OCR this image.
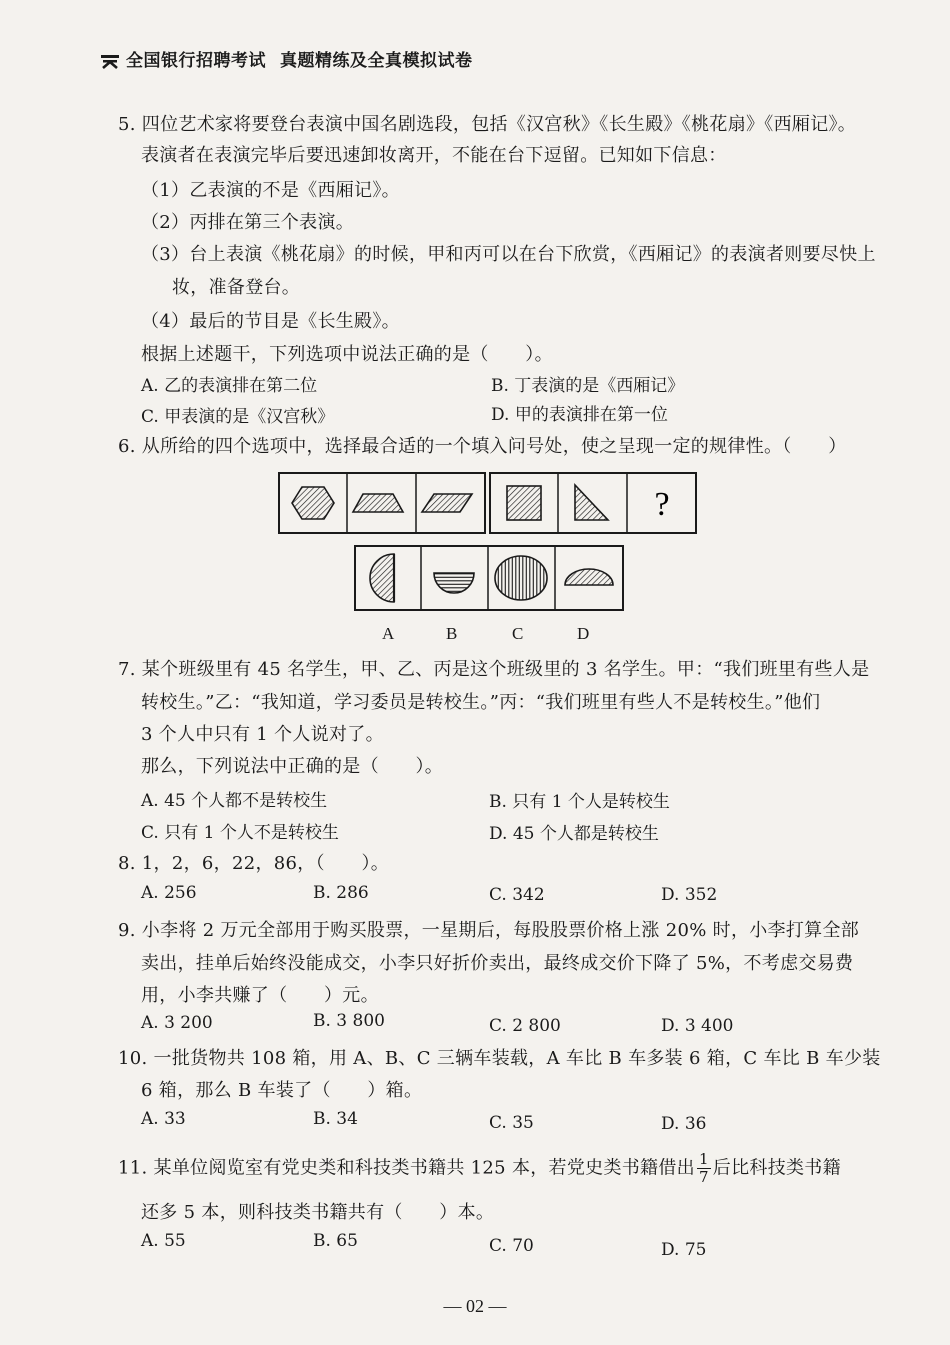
全国银行招聘考试 真题精练及全真模拟试卷
5. 四位艺术家将要登台表演中国名剧选段，包括《汉宫秋》《长生殿》《桃花扇》《西厢记》。
表演者在表演完毕后要迅速卸妆离开，不能在台下逗留。已知如下信息：
（1）乙表演的不是《西厢记》。
（2）丙排在第三个表演。
（3）台上表演《桃花扇》的时候，甲和丙可以在台下欣赏，《西厢记》的表演者则要尽快上
妆，准备登台。
（4）最后的节目是《长生殿》。
根据上述题干，下列选项中说法正确的是（　　）。
A. 乙的表演排在第二位	B. 丁表演的是《西厢记》
C. 甲表演的是《汉宫秋》	D. 甲的表演排在第一位
6. 从所给的四个选项中，选择最合适的一个填入问号处，使之呈现一定的规律性。（　　）
?
A	B	C	D
7. 某个班级里有 45 名学生，甲、乙、丙是这个班级里的 3 名学生。甲：“我们班里有些人是
转校生。”乙：“我知道，学习委员是转校生。”丙：“我们班里有些人不是转校生。”他们
3 个人中只有 1 个人说对了。
那么，下列说法中正确的是（　　）。
A. 45 个人都不是转校生	B. 只有 1 个人是转校生
C. 只有 1 个人不是转校生	D. 45 个人都是转校生
8. 1，2，6，22，86，（　　）。
A. 256	B. 286	C. 342	D. 352
9. 小李将 2 万元全部用于购买股票，一星期后，每股股票价格上涨 20% 时，小李打算全部
卖出，挂单后始终没能成交，小李只好折价卖出，最终成交价下降了 5%，不考虑交易费
用，小李共赚了（　　）元。
A. 3 200	B. 3 800	C. 2 800	D. 3 400
10. 一批货物共 108 箱，用 A、B、C 三辆车装载，A 车比 B 车多装 6 箱，C 车比 B 车少装
6 箱，那么 B 车装了（　　）箱。
A. 33	B. 34	C. 35	D. 36
11. 某单位阅览室有党史类和科技类书籍共 125 本，若党史类书籍借出 $\frac{1}{7}$ 后比科技类书籍
还多 5 本，则科技类书籍共有（　　）本。
A. 55	B. 65	C. 70	D. 75
— 02 —
